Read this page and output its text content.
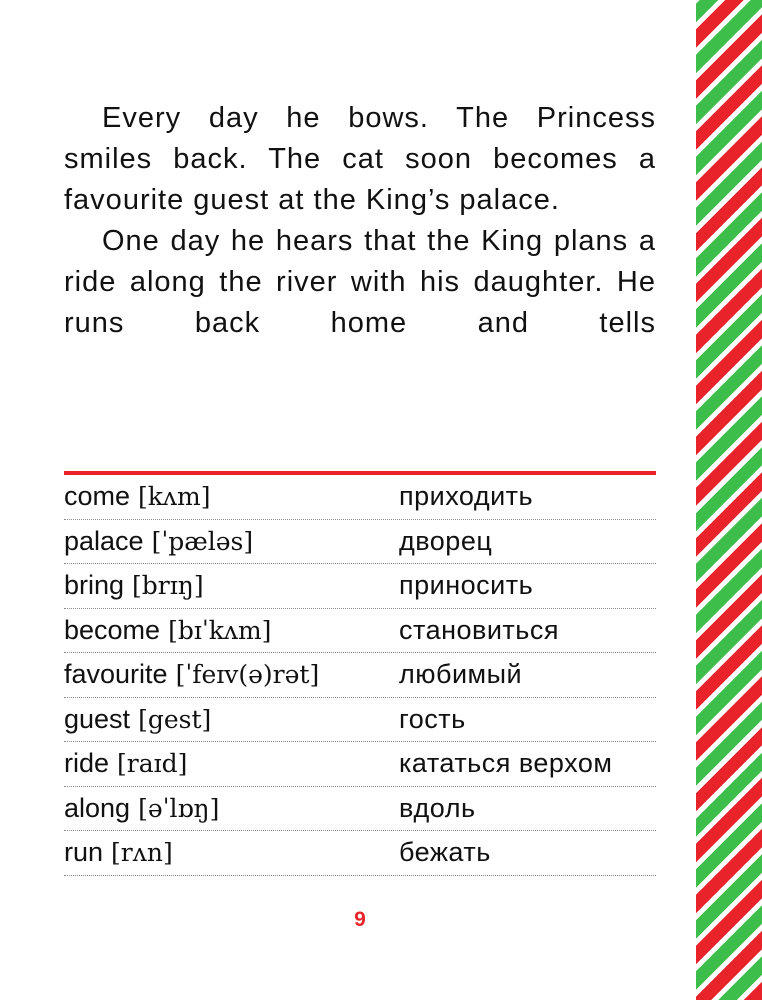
Every day he bows. The Princess smiles back. The cat soon becomes a favourite guest at the King’s palace.

One day he hears that the King plans a ride along the river with his daughter. He runs back home and tells

come [kʌm]	приходить
palace [ˈpæləs]	дворец
bring [brɪŋ]	приносить
become [bɪˈkʌm]	становиться
favourite [ˈfeɪv(ə)rət]	любимый
guest [gest]	гость
ride [raɪd]	кататься верхом
along [əˈlɒŋ]	вдоль
run [rʌn]	бежать
9
